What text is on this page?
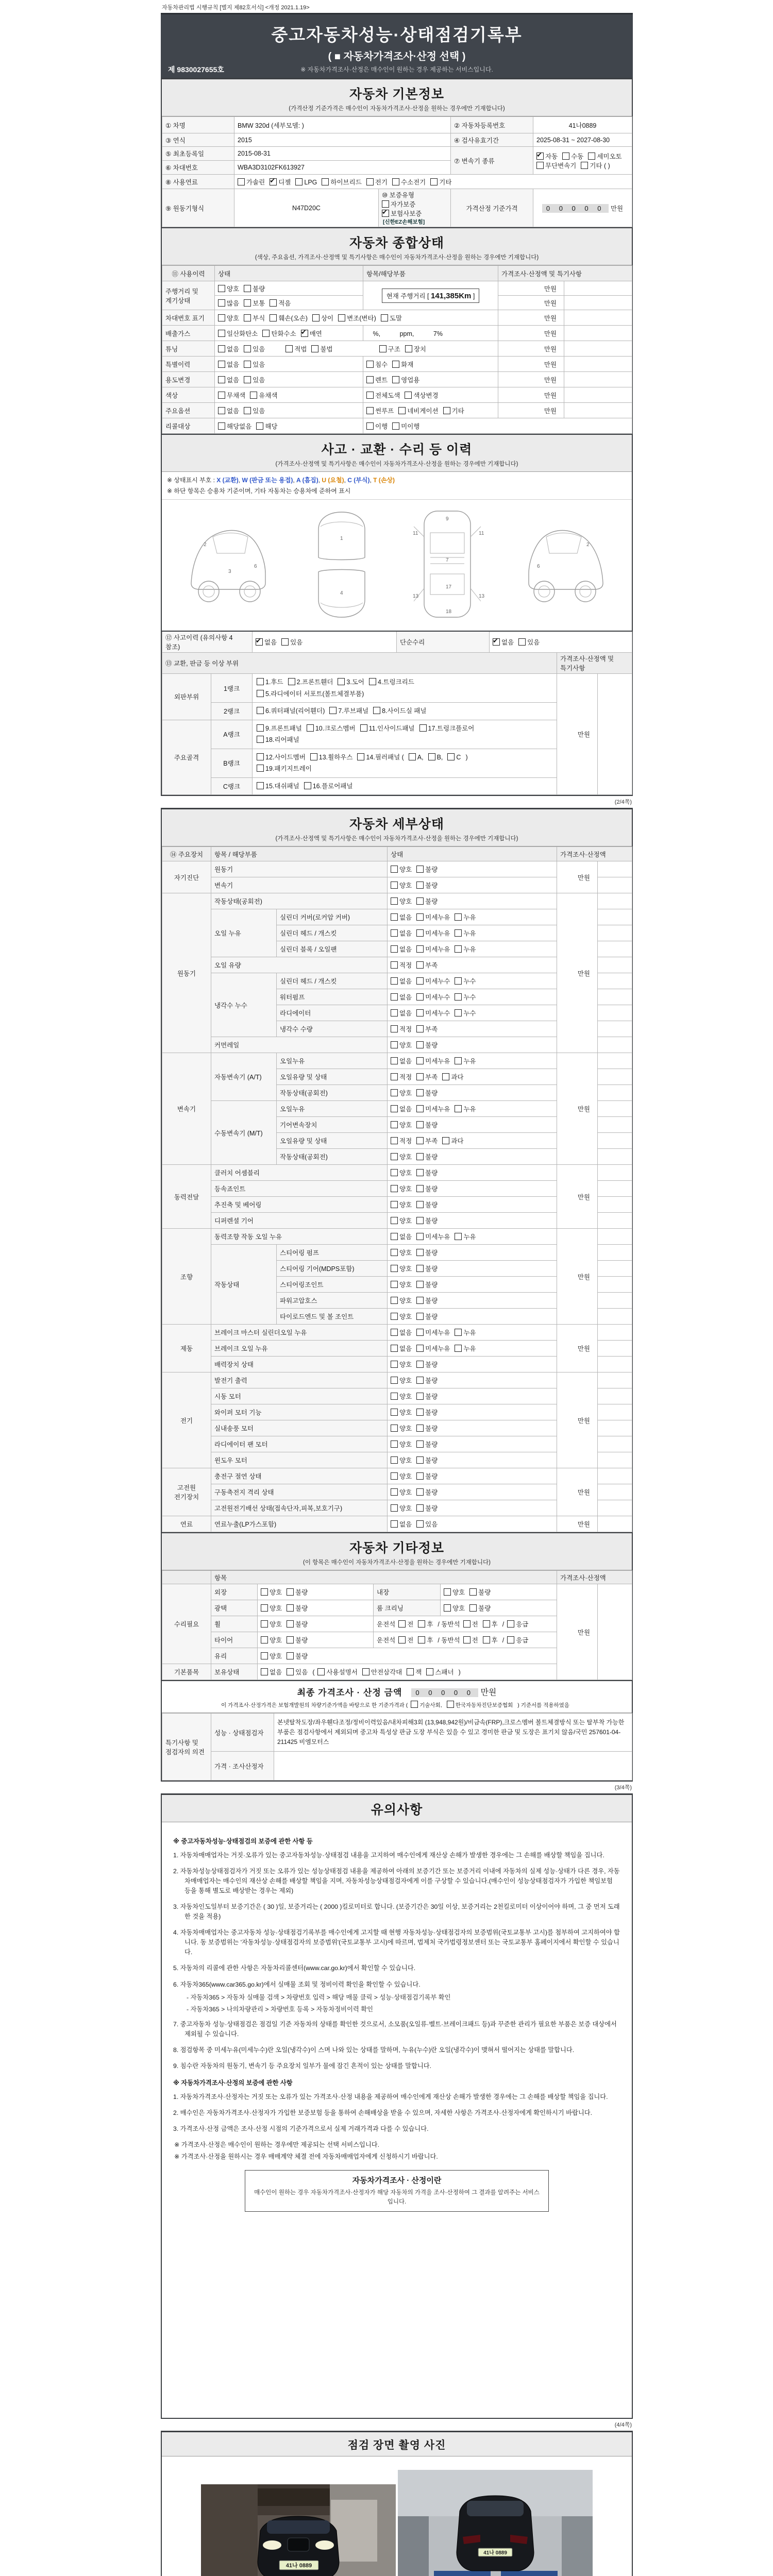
자동차관리법 시행규칙 [별지 제82호서식] <개정 2021.1.19>
중고자동차성능·상태점검기록부
( ■ 자동차가격조사·산정 선택 )
※ 자동차가격조사·산정은 매수인이 원하는 경우 제공하는 서비스입니다.
제 9830027655호
자동차 기본정보
(가격산정 기준가격은 매수인이 자동차가격조사·산정을 원하는 경우에만 기재합니다)
① 차명	BMW 320d (세부모델: )		② 자동차등록번호	41나0889
③ 연식	2015		④ 검사유효기간	2025-08-31 ~ 2027-08-30
⑤ 최초등록일	2015-08-31		⑦ 변속기 종류	✔자동 수동 세미오토
무단변속기 기타 ( )
⑥ 차대번호	WBA3D3102FK613927			
⑧ 사용연료	가솔린 ✔ 디젤 LPG 하이브리드 전기 수소전기 기타
⑨ 원동기형식	N47D20C	⑩ 보증유형　자가보증✔보험사보증[신한EZ손해보험]	가격산정 기준가격	0 0 0 0 0 만원
자동차 종합상태
(색상, 주요옵션, 가격조사·산정액 및 특기사항은 매수인이 자동차가격조사·산정을 원하는 경우에만 기재합니다)
⑪ 사용이력	상태	항목/해당부품	가격조사·산정액 및 특기사항	
주행거리 및 계기상태	양호 불량	현재 주행거리 [ 141,385Km ]	만원	
	많음 보통 적음		만원	
차대번호 표기	양호 부식 훼손(오손) 상이 변조(변타) 도말		만원	
배출가스	일산화탄소 탄화수소 ✔ 매연	　%,　　　ppm,　　　7%	만원	
튜닝	없음 있음　　 적법 불법　　　　　　 구조 장치		만원	
특별이력	없음 있음	침수 화재	만원	
용도변경	없음 있음	렌트 영업용	만원	
색상	무채색 유채색	전체도색 색상변경	만원	
주요옵션	없음 있음	썬루프 네비게이션 기타	만원	
리콜대상	해당없음 해당	이행 미이행		
사고 · 교환 · 수리 등 이력
(가격조사·산정액 및 특기사항은 매수인이 자동차가격조사·산정을 원하는 경우에만 기재합니다)
※ 상태표시 부호 : X (교환), W (판금 또는 용접), A (흠집), U (요철), C (부식), T (손상)
※ 하단 항목은 승용차 기준이며, 기타 자동차는 승용차에 준하여 표시
2
3
6
1
4
9
11	11
13	13
7
17
18
2
6
⑫ 사고이력 (유의사항 4 참조)	✔없음 있음	단순수리	✔없음 있음
⑬ 교환, 판금 등 이상 부위					가격조사·산정액 및 특기사항	
외판부위	1랭크	1.후드 2.프론트휀더 3.도어 4.트렁크리드
5.라디에이터 서포트(볼트체결부품)			만원	
	2랭크	6.쿼터패널(리어휀더) 7.루브패널 8.사이드실 패널				
주요골격	A랭크	9.프론트패널 10.크로스멤버 11.인사이드패널 17.트렁크플로어
18.리어패널				
	B랭크	12.사이드멤버 13.휠하우스 14.필러패널 ( A, B, C )
19.패키지트레이				
	C랭크	15.대쉬패널 16.플로어패널				
(2/4쪽)
자동차 세부상태
(가격조사·산정액 및 특기사항은 매수인이 자동차가격조사·산정을 원하는 경우에만 기재합니다)
⑭ 주요장치	항목 / 해당부품		상태	가격조사·산정액	
자기진단	원동기		양호 불량	만원	
	변속기		양호 불량		
원동기	작동상태(공회전)		양호 불량	만원	
	오일 누유	실린더 커버(로커암 커버)	없음 미세누유 누유		
		실린더 헤드 / 개스킷	없음 미세누유 누유		
		실린더 블록 / 오일팬	없음 미세누유 누유		
	오일 유량		적정 부족		
	냉각수 누수	실린더 헤드 / 개스킷	없음 미세누수 누수		
		워터펌프	없음 미세누수 누수		
		라디에이터	없음 미세누수 누수		
		냉각수 수량	적정 부족		
	커먼레일		양호 불량		
변속기	자동변속기 (A/T)	오일누유	없음 미세누유 누유	만원	
		오일유량 및 상태	적정 부족 과다		
		작동상태(공회전)	양호 불량		
	수동변속기 (M/T)	오일누유	없음 미세누유 누유		
		기어변속장치	양호 불량		
		오일유량 및 상태	적정 부족 과다		
		작동상태(공회전)	양호 불량		
동력전달	클러치 어셈블리		양호 불량	만원	
	등속죠인트		양호 불량		
	추진축 및 베어링		양호 불량		
	디퍼렌셜 기어		양호 불량		
조향	동력조향 작동 오일 누유		없음 미세누유 누유	만원	
	작동상태	스티어링 펌프	양호 불량		
		스티어링 기어(MDPS포함)	양호 불량		
		스티어링조인트	양호 불량		
		파워고압호스	양호 불량		
		타이로드엔드 및 볼 조인트	양호 불량		
제동	브레이크 마스터 실린더오일 누유		없음 미세누유 누유	만원	
	브레이크 오일 누유		없음 미세누유 누유		
	배력장치 상태		양호 불량		
전기	발전기 출력		양호 불량	만원	
	시동 모터		양호 불량		
	와이퍼 모터 기능		양호 불량		
	실내송풍 모터		양호 불량		
	라디에이터 팬 모터		양호 불량		
	윈도우 모터		양호 불량		
고전원 전기장치	충전구 절연 상태		양호 불량	만원	
	구동축전지 격리 상태		양호 불량		
	고전원전기배선 상태(접속단자,피복,보호기구)		양호 불량		
연료	연료누출(LP가스포함)		없음 있음	만원	
자동차 기타정보
(이 항목은 매수인이 자동차가격조사·산정을 원하는 경우에만 기재합니다)
	항목				가격조사·산정액		
수리필요	외장	양호 불량	내장	양호 불량	만원		
	광택	양호 불량	룸 크리닝	양호 불량			
	휠	양호 불량	운전석 전 후 / 동반석 전 후 / 응급				
	타이어	양호 불량	운전석 전 후 / 동반석 전 후 / 응급				
	유리	양호 불량					
기본품목	보유상태	없음 있음 ( 사용설명서 안전삼각대 잭 스패너 )					
최종 가격조사 · 산정 금액	0 0 0 0 0 만원
이 가격조사·산정가격은 보험개발원의 차량기준가액을 바탕으로 한 기준가격과 ( 기술사회, 한국자동차진단보증협회 ) 기준서를 적용하였음
특기사항 및 점검자의 의견	성능 · 상태점검자	본넷탈착도장/좌우휀다조정/정비이력있음/내차피해3회 (13,948,942원)/비금속(FRP),크로스멤버 볼트체결방식 또는 탈부착 가능한 부품은 점검사항에서 제외되며 중고차 특성상 판금 도장 부식은 있을 수 있고 경미한 판금 및 도장은 표기치 않음/국민 257601-04-211425 비엠모터스
	가격 · 조사산정자	
(3/4쪽)
유의사항
※ 중고자동차성능·상태점검의 보증에 관한 사항 등

1. 자동차매매업자는 거짓·오류가 있는 중고자동차성능·상태점검 내용을 고지하여 매수인에게 재산상 손해가 발생한 경우에는 그 손해를 배상할 책임을 집니다.

2. 자동차성능상태점검자가 거짓 또는 오류가 있는 성능상태점검 내용을 제공하여 아래의 보증기간 또는 보증거리 이내에 자동차의 실제 성능·상태가 다른 경우, 자동차매매업자는 매수인의 재산상 손해를 배상할 책임을 지며, 자동차성능상태점검자에게 이를 구상할 수 있습니다.(매수인이 성능상태점검자가 가입한 책임보험 등을 통해 별도로 배상받는 경우는 제외)

3. 자동차인도일부터 보증기간은 ( 30 )일, 보증거리는 ( 2000 )킬로미터로 합니다. (보증기간은 30일 이상, 보증거리는 2천킬로미터 이상이어야 하며, 그 중 먼저 도래한 것을 적용)

4. 자동차매매업자는 중고자동차 성능·상태점검기록부를 매수인에게 고지할 때 현행 자동차성능·상태점검자의 보증범위(국토교통부 고시)를 첨부하여 고지하여야 합니다. 동 보증범위는 '자동차성능·상태점검자의 보증범위'(국토교통부 고시)에 따르며, 법제처 국가법령정보센터 또는 국토교통부 홈페이지에서 확인할 수 있습니다.

5. 자동차의 리콜에 관한 사항은 자동차리콜센터(www.car.go.kr)에서 확인할 수 있습니다.

6. 자동차365(www.car365.go.kr)에서 실매물 조회 및 정비이력 확인을 확인할 수 있습니다.

- 자동차365 > 자동차 실매물 검색 > 차량번호 입력 > 해당 매물 클릭 > 성능·상태점검기록부 확인
- 자동차365 > 나의차량관리 > 차량번호 등록 > 자동차정비이력 확인

7. 중고자동차 성능·상태점검은 점검일 기준 자동차의 상태를 확인한 것으로서, 소모품(오일류·벨트·브레이크패드 등)과 꾸준한 관리가 필요한 부품은 보증 대상에서 제외될 수 있습니다.

8. 점검항목 중 미세누유(미세누수)란 오일(냉각수)이 스며 나와 있는 상태를 말하며, 누유(누수)란 오일(냉각수)이 맺혀서 떨어지는 상태를 말합니다.

9. 침수란 자동차의 원동기, 변속기 등 주요장치 일부가 물에 잠긴 흔적이 있는 상태를 말합니다.

※ 자동차가격조사·산정의 보증에 관한 사항

1. 자동차가격조사·산정자는 거짓 또는 오류가 있는 가격조사·산정 내용을 제공하여 매수인에게 재산상 손해가 발생한 경우에는 그 손해를 배상할 책임을 집니다.

2. 매수인은 자동차가격조사·산정자가 가입한 보증보험 등을 통하여 손해배상을 받을 수 있으며, 자세한 사항은 가격조사·산정자에게 확인하시기 바랍니다.

3. 가격조사·산정 금액은 조사·산정 시점의 기준가격으로서 실제 거래가격과 다를 수 있습니다.

※ 가격조사·산정은 매수인이 원하는 경우에만 제공되는 선택 서비스입니다.
※ 가격조사·산정을 원하시는 경우 매매계약 체결 전에 자동차매매업자에게 신청하시기 바랍니다.
자동차가격조사 · 산정이란
매수인이 원하는 경우 자동차가격조사·산정자가 해당 자동차의 가격을 조사·산정하여 그 결과를 알려주는 서비스입니다.
(4/4쪽)
점검 장면 촬영 사진
41나 0889

41나 0889
